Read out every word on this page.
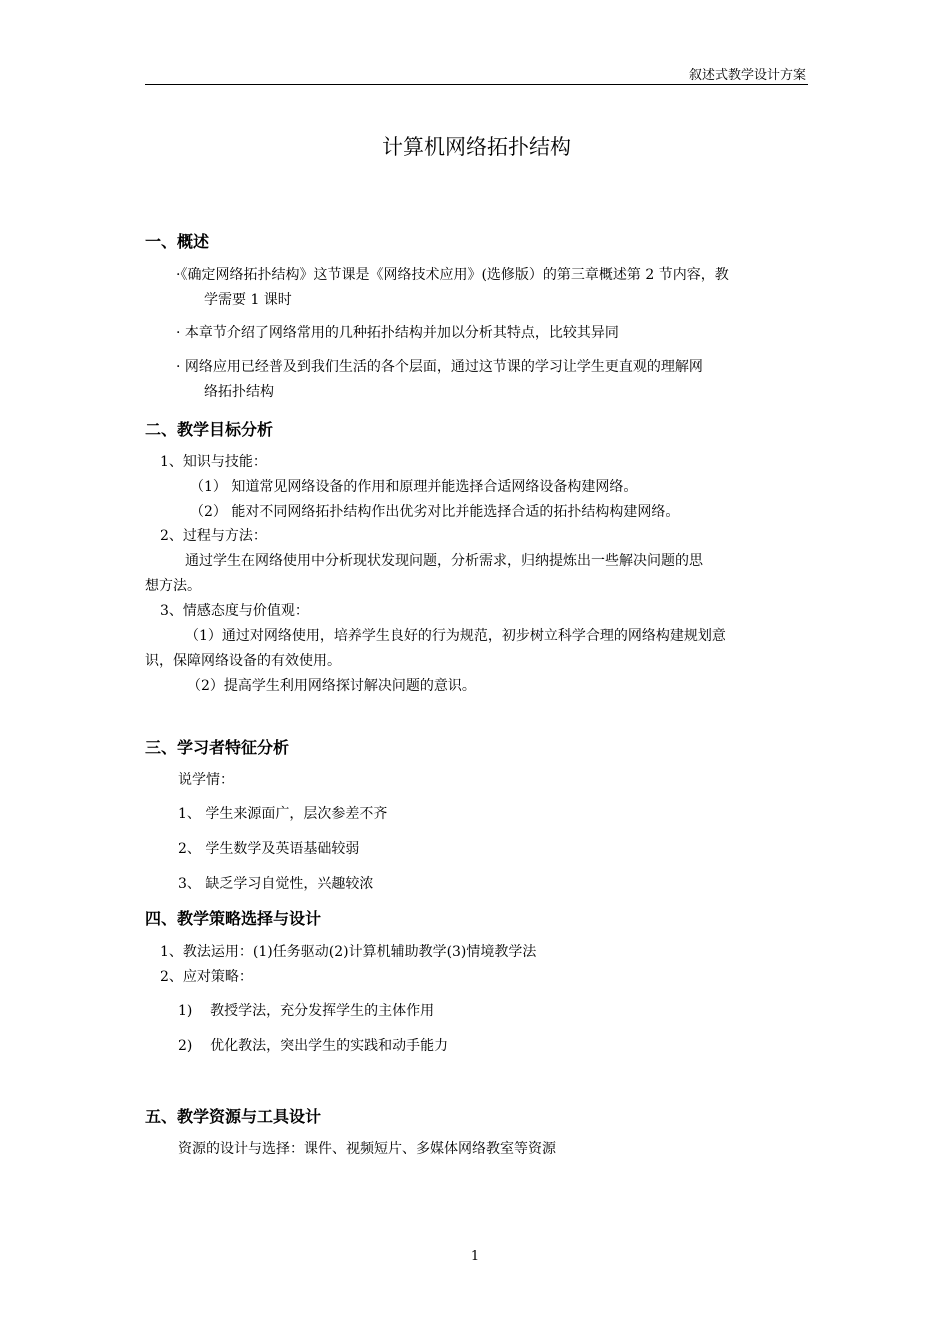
叙述式教学设计方案
计算机网络拓扑结构
一、概述
·《确定网络拓扑结构》这节课是《网络技术应用》(选修版）的第三章概述第 2 节内容，教
学需要 1 课时
· 本章节介绍了网络常用的几种拓扑结构并加以分析其特点，比较其异同
· 网络应用已经普及到我们生活的各个层面，通过这节课的学习让学生更直观的理解网
络拓扑结构
二、教学目标分析
1、知识与技能：
（1） 知道常见网络设备的作用和原理并能选择合适网络设备构建网络。
（2） 能对不同网络拓扑结构作出优劣对比并能选择合适的拓扑结构构建网络。
2、过程与方法：
通过学生在网络使用中分析现状发现问题，分析需求，归纳提炼出一些解决问题的思
想方法。
3、情感态度与价值观：
（1）通过对网络使用，培养学生良好的行为规范，初步树立科学合理的网络构建规划意
识，保障网络设备的有效使用。
（2）提高学生利用网络探讨解决问题的意识。
三、学习者特征分析
说学情：
1、 学生来源面广，层次参差不齐
2、 学生数学及英语基础较弱
3、 缺乏学习自觉性，兴趣较浓
四、教学策略选择与设计
1、教法运用：(1)任务驱动(2)计算机辅助教学(3)情境教学法
2、应对策略：
1)    教授学法，充分发挥学生的主体作用
2)    优化教法，突出学生的实践和动手能力
五、教学资源与工具设计
资源的设计与选择：课件、视频短片、多媒体网络教室等资源
1
